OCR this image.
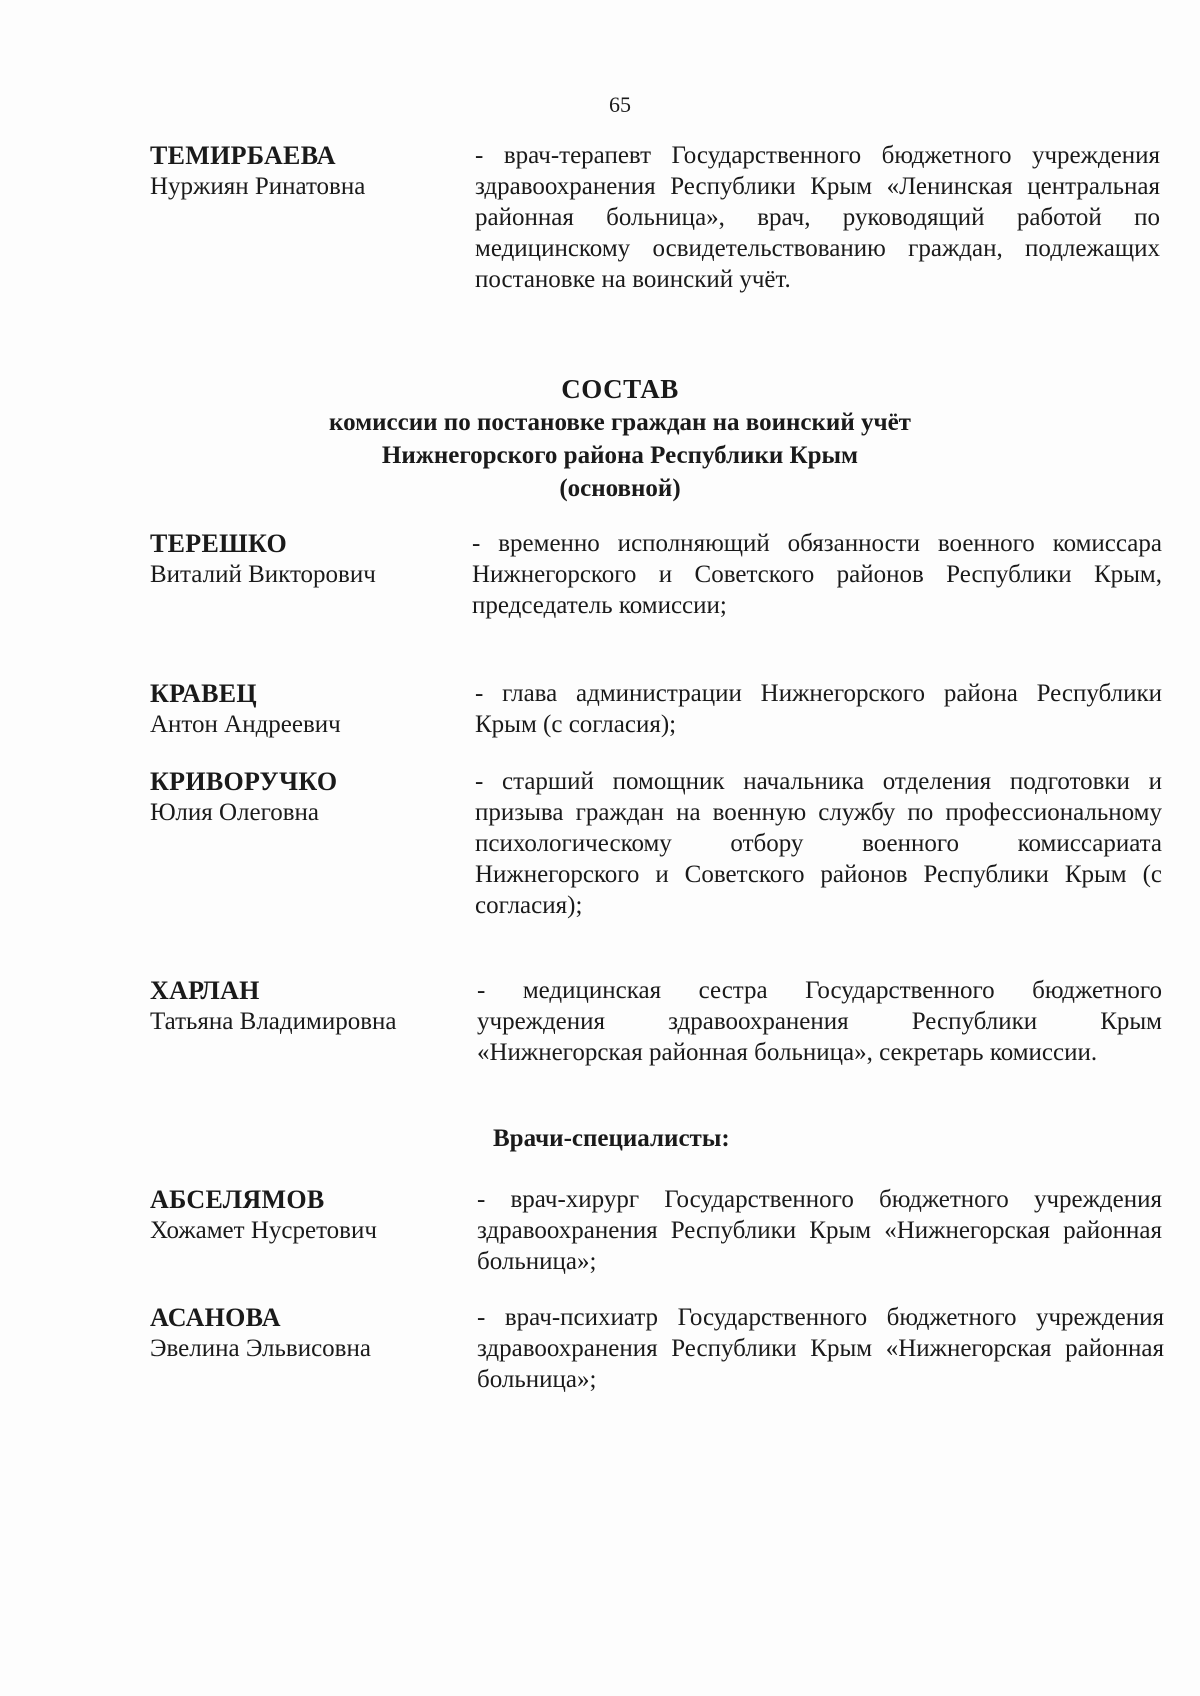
65
ТЕМИРБАЕВА
Нуржиян Ринатовна
- врач-терапевт Государственного бюджетного учреждения здравоохранения Республики Крым «Ленинская центральная районная больница», врач, руководящий работой по медицинскому освидетельствованию граждан, подлежащих постановке на воинский учёт.
СОСТАВ
комиссии по постановке граждан на воинский учёт
Нижнегорского района Республики Крым
(основной)
ТЕРЕШКО
Виталий Викторович
- временно исполняющий обязанности военного комиссара Нижнегорского и Советского районов Республики Крым, председатель комиссии;
КРАВЕЦ
Антон Андреевич
- глава администрации Нижнегорского района Республики Крым (с согласия);
КРИВОРУЧКО
Юлия Олеговна
- старший помощник начальника отделения подготовки и призыва граждан на военную службу по профессиональному психологическому отбору военного комиссариата Нижнегорского и Советского районов Республики Крым (с согласия);
ХАРЛАН
Татьяна Владимировна
- медицинская сестра Государственного бюджетного учреждения здравоохранения Республики Крым «Нижнегорская районная больница», секретарь комиссии.
Врачи-специалисты:
АБСЕЛЯМОВ
Хожамет Нусретович
- врач-хирург Государственного бюджетного учреждения здравоохранения Республики Крым «Нижнегорская районная больница»;
АСАНОВА
Эвелина Эльвисовна
- врач-психиатр Государственного бюджетного учреждения здравоохранения Республики Крым «Нижнегорская районная больница»;
